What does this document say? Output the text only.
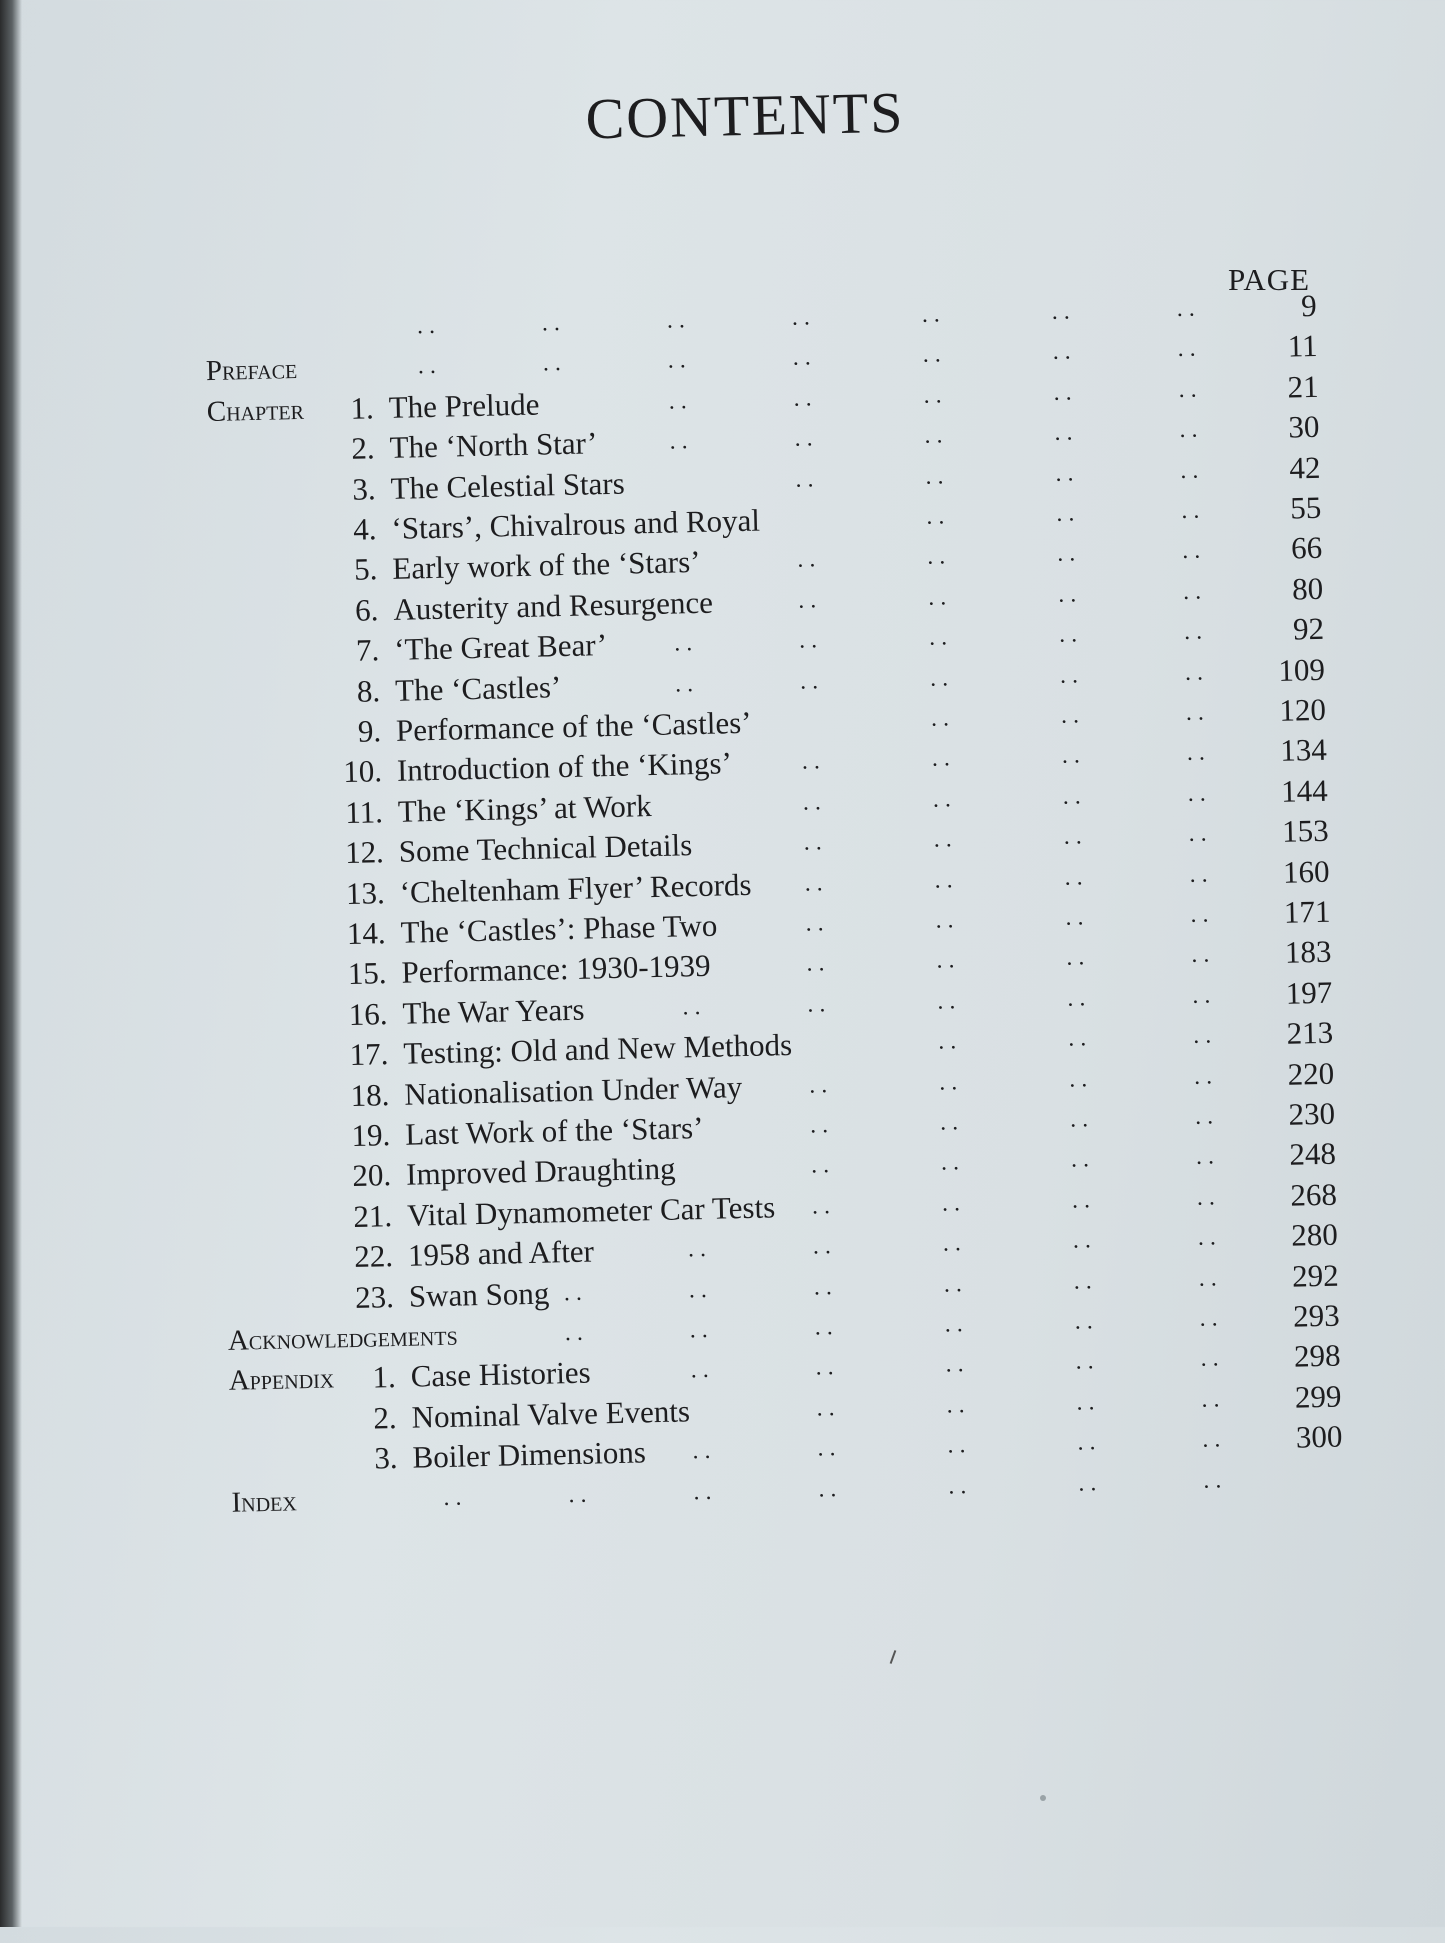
CONTENTS
PAGE
. .	. .	. .	. .	. .	. .	. .	9
Preface	. .	. .	. .	. .	. .	. .	. .	11
Chapter	1. The Prelude	. .	. .	. .	. .	. .	21
2. The ‘North Star’	. .	. .	. .	. .	. .	30
3. The Celestial Stars	. .	. .	. .	. .	42
4. ‘Stars’, Chivalrous and Royal	. .	. .	. .	55
5. Early work of the ‘Stars’	. .	. .	. .	. .	66
6. Austerity and Resurgence	. .	. .	. .	. .	80
7. ‘The Great Bear’	. .	. .	. .	. .	. .	92
8. The ‘Castles’	. .	. .	. .	. .	. .	109
9. Performance of the ‘Castles’	. .	. .	. .	120
10. Introduction of the ‘Kings’	. .	. .	. .	. .	134
11. The ‘Kings’ at Work	. .	. .	. .	. .	144
12. Some Technical Details	. .	. .	. .	. .	153
13. ‘Cheltenham Flyer’ Records . .	. .	. .	. .	160
14. The ‘Castles’: Phase Two	. .	. .	. .	. .	171
15. Performance: 1930-1939	. .	. .	. .	. .	183
16. The War Years	. .	. .	. .	. .	. .	197
17. Testing: Old and New Methods	. .	. .	. .	213
18. Nationalisation Under Way	. .	. .	. .	. .	220
19. Last Work of the ‘Stars’	. .	. .	. .	. .	230
20. Improved Draughting	. .	. .	. .	. .	248
21. Vital Dynamometer Car Tests . .	. .	. .	. .	268
22. 1958 and After	. .	. .	. .	. .	. .	280
23. Swan Song . .	. .	. .	. .	. .	. .	292
Acknowledgements	. .	. .	. .	. .	. .	. .	293
Appendix	1. Case Histories	. .	. .	. .	. .	. .	298
2. Nominal Valve Events	. .	. .	. .	. .	299
3. Boiler Dimensions . .	. .	. .	. .	. .	300
Index	. .	. .	. .	. .	. .	. .	. .
